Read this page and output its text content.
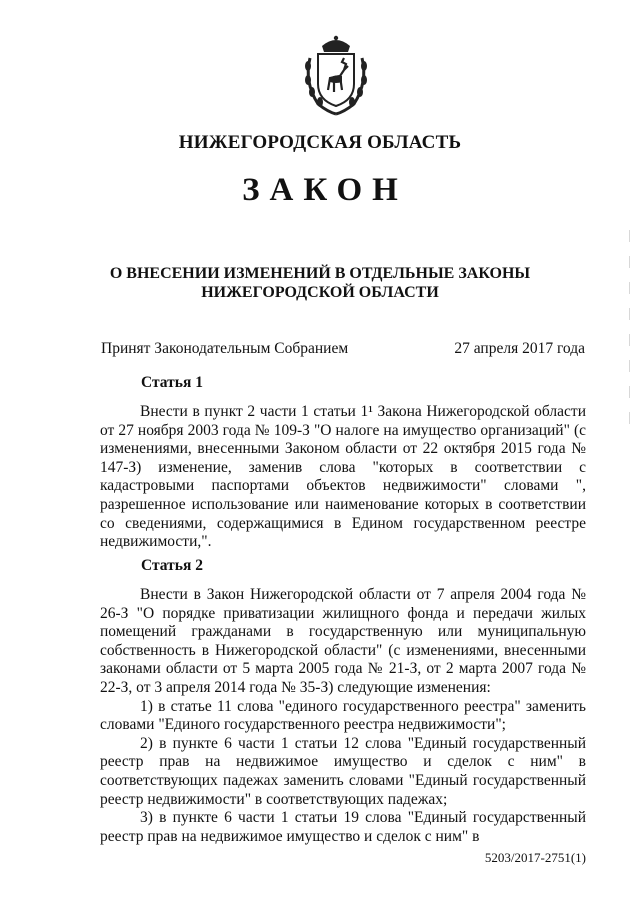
НИЖЕГОРОДСКАЯ ОБЛАСТЬ
ЗАКОН
О ВНЕСЕНИИ ИЗМЕНЕНИЙ В ОТДЕЛЬНЫЕ ЗАКОНЫ
НИЖЕГОРОДСКОЙ ОБЛАСТИ
Принят Законодательным Собранием	27 апреля 2017 года
Статья 1

Внести в пункт 2 части 1 статьи 1¹ Закона Нижегородской области от 27 ноября 2003 года № 109-З "О налоге на имущество организаций" (с изменениями, внесенными Законом области от 22 октября 2015 года № 147-З) изменение, заменив слова "которых в соответствии с кадастровыми паспортами объектов недвижимости" словами ", разрешенное использование или наименование которых в соответствии со сведениями, содержащимися в Едином государственном реестре недвижимости,".

Статья 2

Внести в Закон Нижегородской области от 7 апреля 2004 года № 26-З "О порядке приватизации жилищного фонда и передачи жилых помещений гражданами в государственную или муниципальную собственность в Нижегородской области" (с изменениями, внесенными законами области от 5 марта 2005 года № 21-З, от 2 марта 2007 года № 22-З, от 3 апреля 2014 года № 35-З) следующие изменения:

1) в статье 11 слова "единого государственного реестра" заменить словами "Единого государственного реестра недвижимости";

2) в пункте 6 части 1 статьи 12 слова "Единый государственный реестр прав на недвижимое имущество и сделок с ним" в соответствующих падежах заменить словами "Единый государственный реестр недвижимости" в соответствующих падежах;

3) в пункте 6 части 1 статьи 19 слова "Единый государственный реестр прав на недвижимое имущество и сделок с ним" в

5203/2017-2751(1)
